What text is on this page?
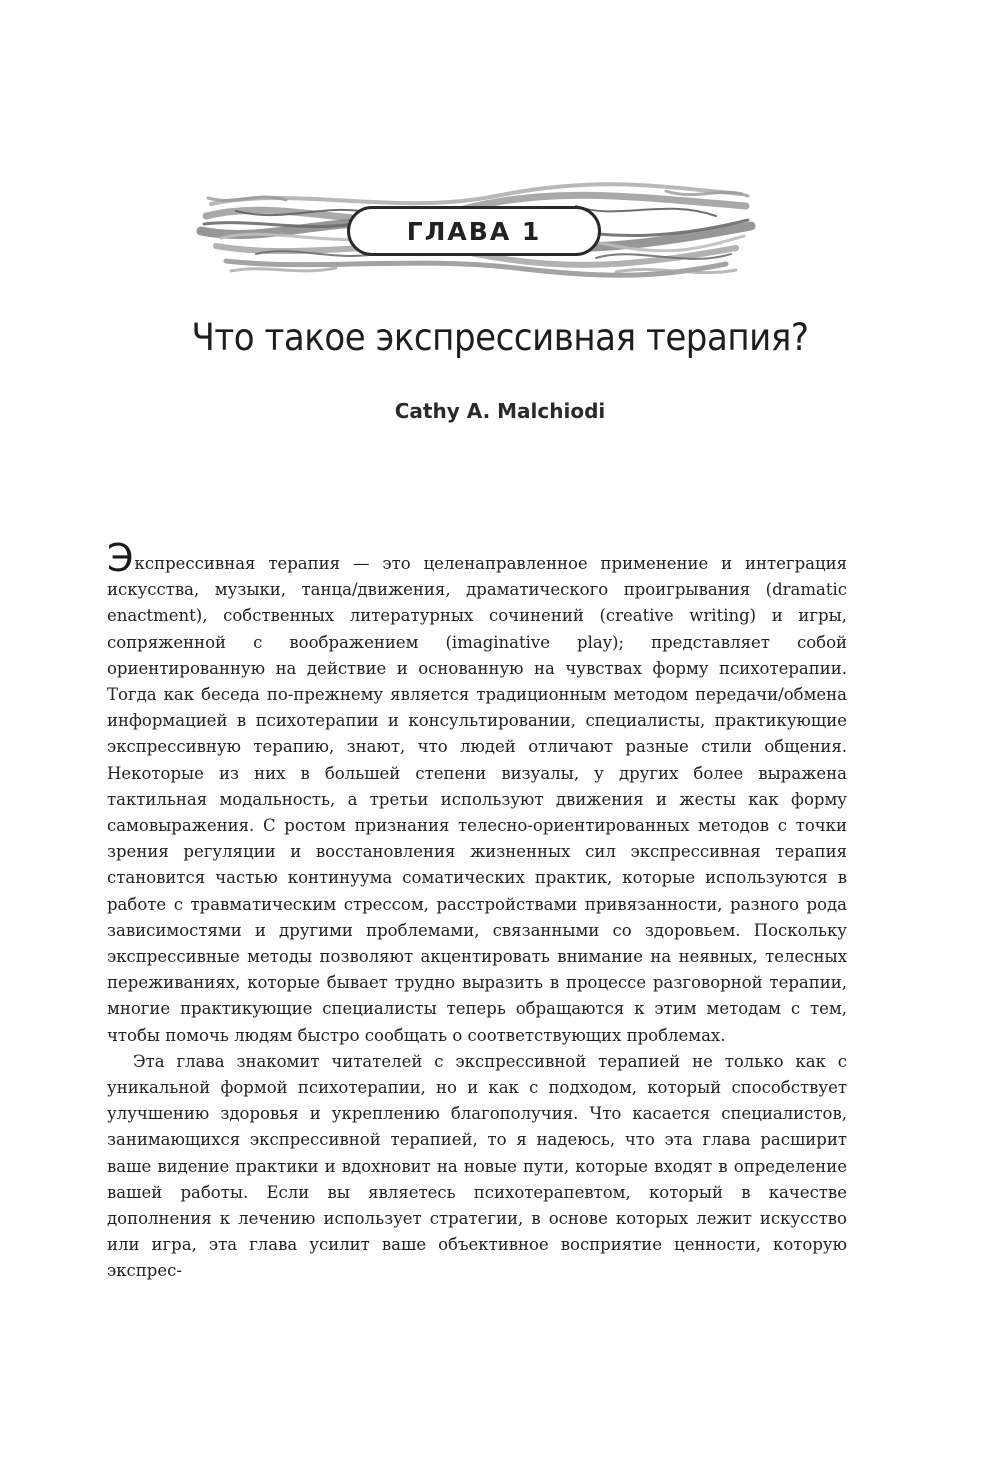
ГЛАВА 1
Что такое экспрессивная терапия?

Cathy A. Malchiodi

Экспрессивная терапия — это целенаправленное применение и интеграция искусства, музыки, танца/движения, драматического проигрывания (dramatic enactment), собственных литературных сочинений (creative writing) и игры, сопряженной с воображением (imaginative play); представляет собой ориентированную на действие и основанную на чувствах форму психотерапии. Тогда как беседа по-прежнему является традиционным методом передачи/обмена информацией в психотерапии и консультировании, специалисты, практикующие экспрессивную терапию, знают, что людей отличают разные стили общения. Некоторые из них в большей степени визуалы, у других более выражена тактильная модальность, а третьи используют движения и жесты как форму самовыражения. С ростом признания телесно-ориентированных методов с точки зрения регуляции и восстановления жизненных сил экспрессивная терапия становится частью континуума соматических практик, которые используются в работе с травматическим стрессом, расстройствами привязанности, разного рода зависимостями и другими проблемами, связанными со здоровьем. Поскольку экспрессивные методы позволяют акцентировать внимание на неявных, телесных переживаниях, которые бывает трудно выразить в процессе разговорной терапии, многие практикующие специалисты теперь обращаются к этим методам с тем, чтобы помочь людям быстро сообщать о соответствующих проблемах.

Эта глава знакомит читателей с экспрессивной терапией не только как с уникальной формой психотерапии, но и как с подходом, который способствует улучшению здоровья и укреплению благополучия. Что касается специалистов, занимающихся экспрессивной терапией, то я надеюсь, что эта глава расширит ваше видение практики и вдохновит на новые пути, которые входят в определение вашей работы. Если вы являетесь психотерапевтом, который в качестве дополнения к лечению использует стратегии, в основе которых лежит искусство или игра, эта глава усилит ваше объективное восприятие ценности, которую экспрес-
